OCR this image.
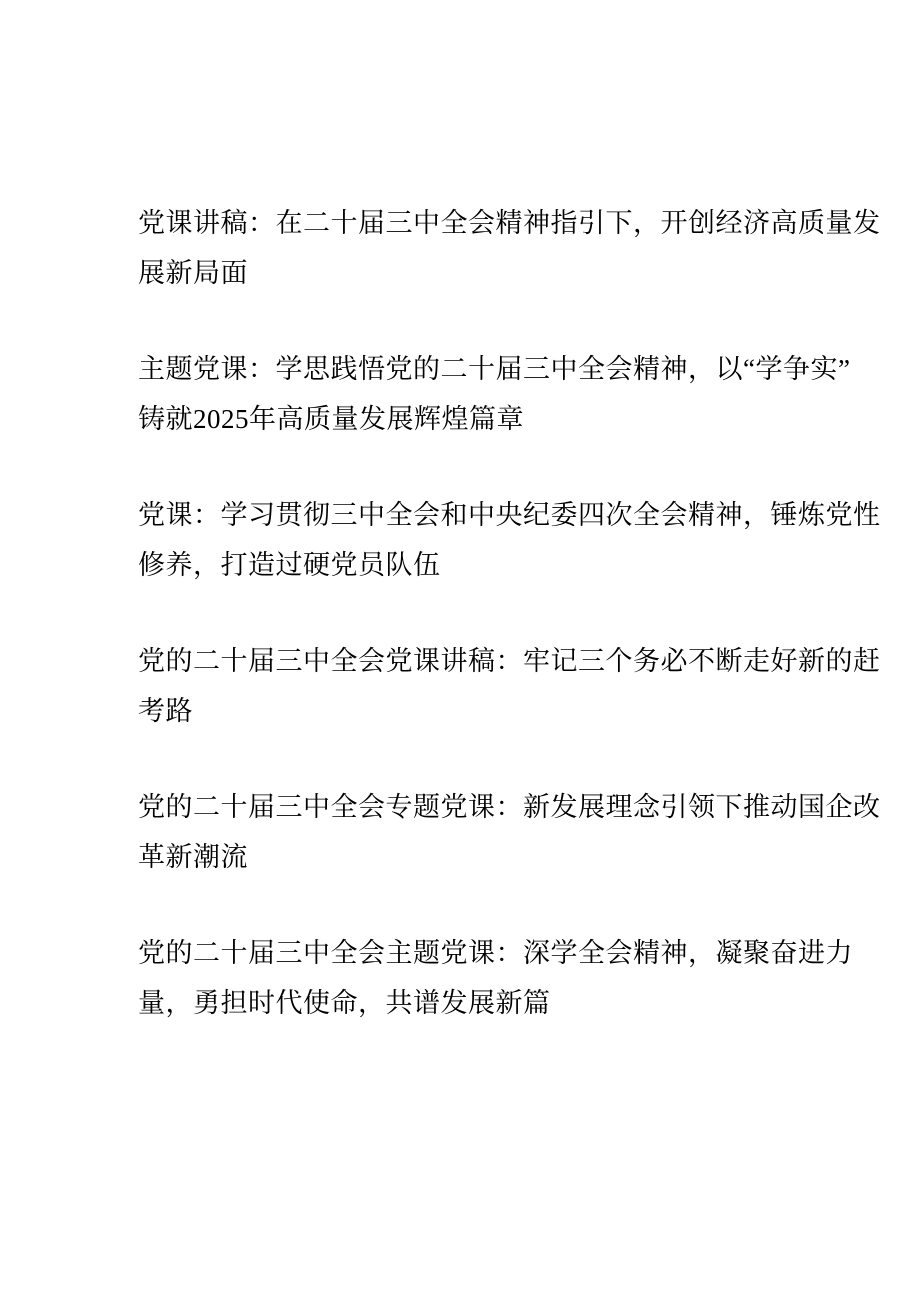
党课讲稿：在二十届三中全会精神指引下，开创经济高质量发
展新局面

主题党课：学思践悟党的二十届三中全会精神，以“学争实”
铸就2025年高质量发展辉煌篇章

党课：学习贯彻三中全会和中央纪委四次全会精神，锤炼党性
修养，打造过硬党员队伍

党的二十届三中全会党课讲稿：牢记三个务必不断走好新的赶
考路

党的二十届三中全会专题党课：新发展理念引领下推动国企改
革新潮流

党的二十届三中全会主题党课：深学全会精神，凝聚奋进力
量，勇担时代使命，共谱发展新篇
